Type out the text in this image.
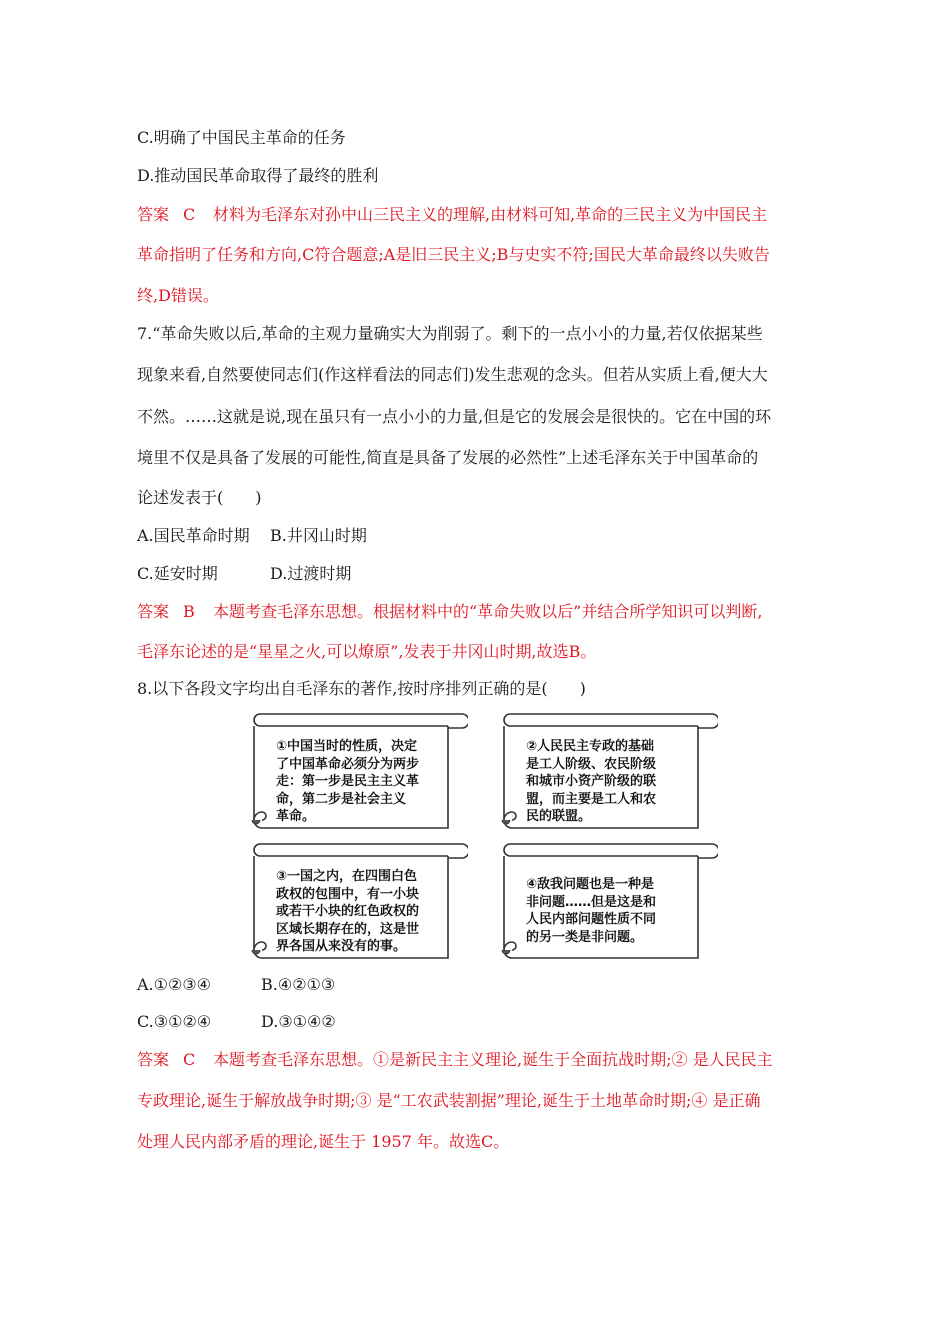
C.明确了中国民主革命的任务
D.推动国民革命取得了最终的胜利
答案 C 材料为毛泽东对孙中山三民主义的理解,由材料可知,革命的三民主义为中国民主
革命指明了任务和方向,C符合题意;A是旧三民主义;B与史实不符;国民大革命最终以失败告
终,D错误。
7.“革命失败以后,革命的主观力量确实大为削弱了。剩下的一点小小的力量,若仅依据某些
现象来看,自然要使同志们(作这样看法的同志们)发生悲观的念头。但若从实质上看,便大大
不然。……这就是说,现在虽只有一点小小的力量,但是它的发展会是很快的。它在中国的环
境里不仅是具备了发展的可能性,简直是具备了发展的必然性”上述毛泽东关于中国革命的
论述发表于(　　)
A.国民革命时期 B.井冈山时期
C.延安时期	D.过渡时期
答案 B 本题考查毛泽东思想。根据材料中的“革命失败以后”并结合所学知识可以判断,
毛泽东论述的是“星星之火,可以燎原”,发表于井冈山时期,故选B。
8.以下各段文字均出自毛泽东的著作,按时序排列正确的是(　　)
①中国当时的性质，决定
了中国革命必须分为两步
走：第一步是民主主义革
命，第二步是社会主义
革命。
②人民民主专政的基础
是工人阶级、农民阶级
和城市小资产阶级的联
盟，而主要是工人和农
民的联盟。
③一国之内，在四围白色
政权的包围中，有一小块
或若干小块的红色政权的
区域长期存在的，这是世
界各国从来没有的事。
④敌我问题也是一种是
非问题……但是这是和
人民内部问题性质不同
的另一类是非问题。
A.①②③④	B.④②①③
C.③①②④	D.③①④②
答案 C 本题考查毛泽东思想。①是新民主主义理论,诞生于全面抗战时期;② 是人民民主
专政理论,诞生于解放战争时期;③ 是“工农武装割据”理论,诞生于土地革命时期;④ 是正确
处理人民内部矛盾的理论,诞生于 1957 年。故选C。
